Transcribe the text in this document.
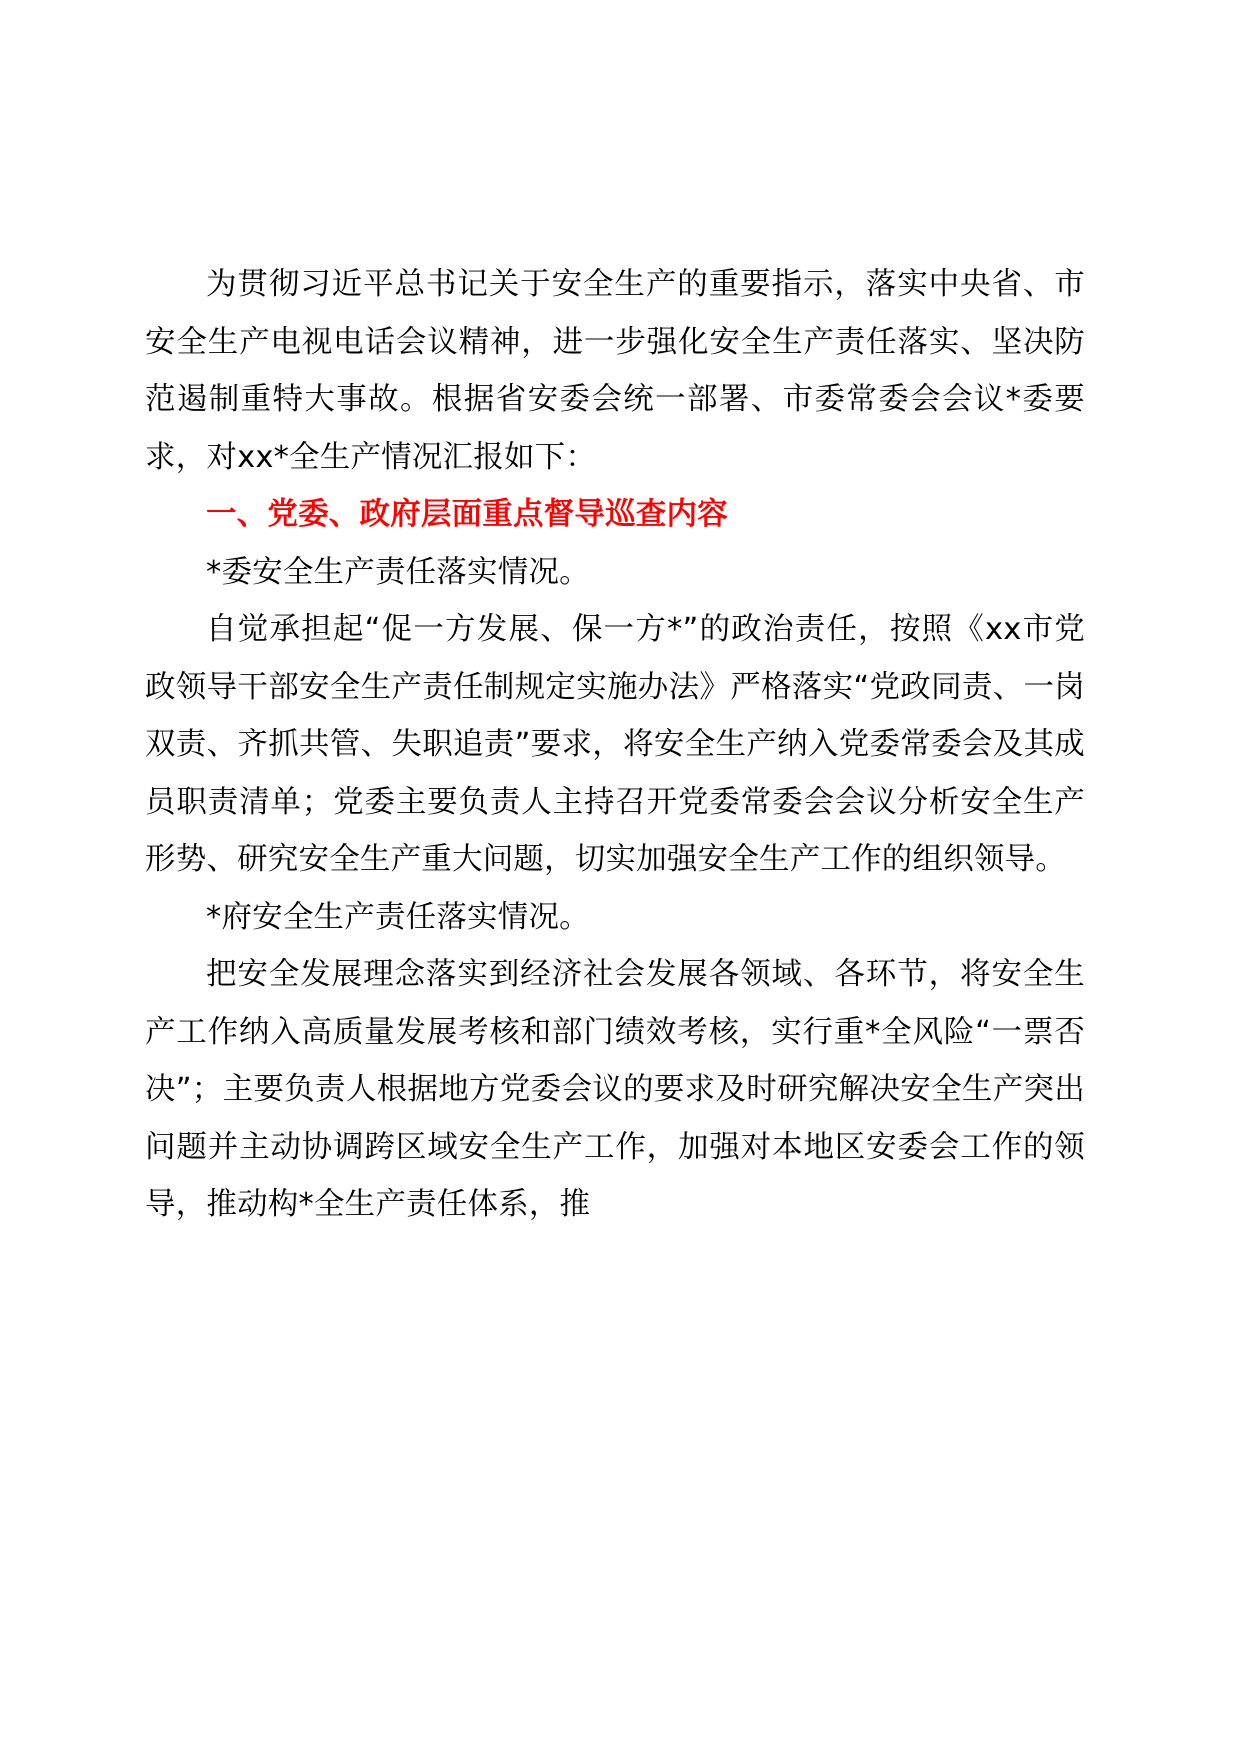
为贯彻习近平总书记关于安全生产的重要指示，落实中央省、市安全生产电视电话会议精神，进一步强化安全生产责任落实、坚决防范遏制重特大事故。根据省安委会统一部署、市委常委会会议*委要求，对xx*全生产情况汇报如下：

一、党委、政府层面重点督导巡查内容

*委安全生产责任落实情况。

自觉承担起“促一方发展、保一方*”的政治责任，按照《xx市党政领导干部安全生产责任制规定实施办法》严格落实“党政同责、一岗双责、齐抓共管、失职追责”要求，将安全生产纳入党委常委会及其成员职责清单；党委主要负责人主持召开党委常委会会议分析安全生产形势、研究安全生产重大问题，切实加强安全生产工作的组织领导。

*府安全生产责任落实情况。

把安全发展理念落实到经济社会发展各领域、各环节，将安全生产工作纳入高质量发展考核和部门绩效考核，实行重*全风险“一票否决”；主要负责人根据地方党委会议的要求及时研究解决安全生产突出问题并主动协调跨区域安全生产工作，加强对本地区安委会工作的领导，推动构*全生产责任体系，推
